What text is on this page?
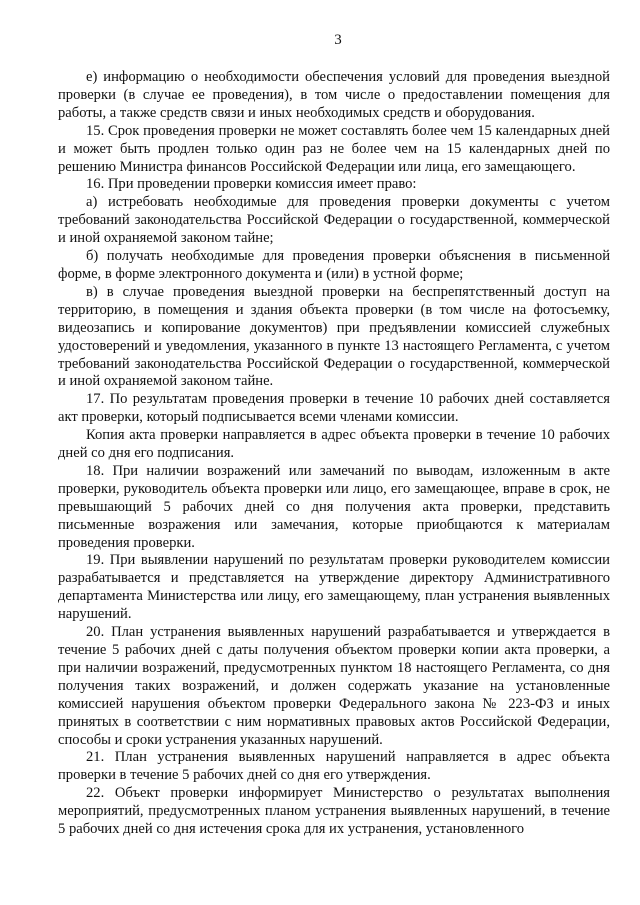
3

е) информацию о необходимости обеспечения условий для проведения выездной проверки (в случае ее проведения), в том числе о предоставлении помещения для работы, а также средств связи и иных необходимых средств и оборудования.

15. Срок проведения проверки не может составлять более чем 15 календарных дней и может быть продлен только один раз не более чем на 15 календарных дней по решению Министра финансов Российской Федерации или лица, его замещающего.

16. При проведении проверки комиссия имеет право:

а) истребовать необходимые для проведения проверки документы с учетом требований законодательства Российской Федерации о государственной, коммерческой и иной охраняемой законом тайне;

б) получать необходимые для проведения проверки объяснения в письменной форме, в форме электронного документа и (или) в устной форме;

в) в случае проведения выездной проверки на беспрепятственный доступ на территорию, в помещения и здания объекта проверки (в том числе на фотосъемку, видеозапись и копирование документов) при предъявлении комиссией служебных удостоверений и уведомления, указанного в пункте 13 настоящего Регламента, с учетом требований законодательства Российской Федерации о государственной, коммерческой и иной охраняемой законом тайне.

17. По результатам проведения проверки в течение 10 рабочих дней составляется акт проверки, который подписывается всеми членами комиссии.

Копия акта проверки направляется в адрес объекта проверки в течение 10 рабочих дней со дня его подписания.

18. При наличии возражений или замечаний по выводам, изложенным в акте проверки, руководитель объекта проверки или лицо, его замещающее, вправе в срок, не превышающий 5 рабочих дней со дня получения акта проверки, представить письменные возражения или замечания, которые приобщаются к материалам проведения проверки.

19. При выявлении нарушений по результатам проверки руководителем комиссии разрабатывается и представляется на утверждение директору Административного департамента Министерства или лицу, его замещающему, план устранения выявленных нарушений.

20. План устранения выявленных нарушений разрабатывается и утверждается в течение 5 рабочих дней с даты получения объектом проверки копии акта проверки, а при наличии возражений, предусмотренных пунктом 18 настоящего Регламента, со дня получения таких возражений, и должен содержать указание на установленные комиссией нарушения объектом проверки Федерального закона № 223-ФЗ и иных принятых в соответствии с ним нормативных правовых актов Российской Федерации, способы и сроки устранения указанных нарушений.

21. План устранения выявленных нарушений направляется в адрес объекта проверки в течение 5 рабочих дней со дня его утверждения.

22. Объект проверки информирует Министерство о результатах выполнения мероприятий, предусмотренных планом устранения выявленных нарушений, в течение 5 рабочих дней со дня истечения срока для их устранения, установленного
